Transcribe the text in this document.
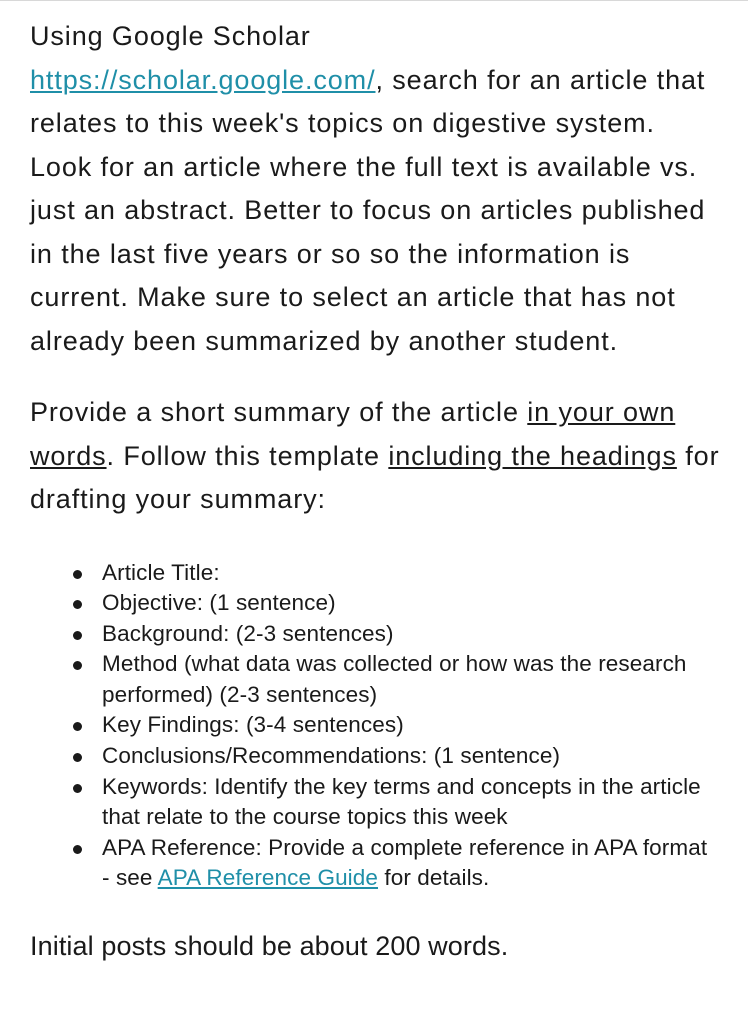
Using Google Scholar
https://scholar.google.com/, search for an article that relates to this week's topics on digestive system. Look for an article where the full text is available vs. just an abstract. Better to focus on articles published in the last five years or so so the information is current. Make sure to select an article that has not already been summarized by another student.

Provide a short summary of the article in your own words. Follow this template including the headings for drafting your summary:

Article Title:
Objective: (1 sentence)
Background: (2-3 sentences)
Method (what data was collected or how was the research performed) (2-3 sentences)
Key Findings: (3-4 sentences)
Conclusions/Recommendations: (1 sentence)
Keywords: Identify the key terms and concepts in the article that relate to the course topics this week
APA Reference: Provide a complete reference in APA format - see APA Reference Guide for details.

Initial posts should be about 200 words.
